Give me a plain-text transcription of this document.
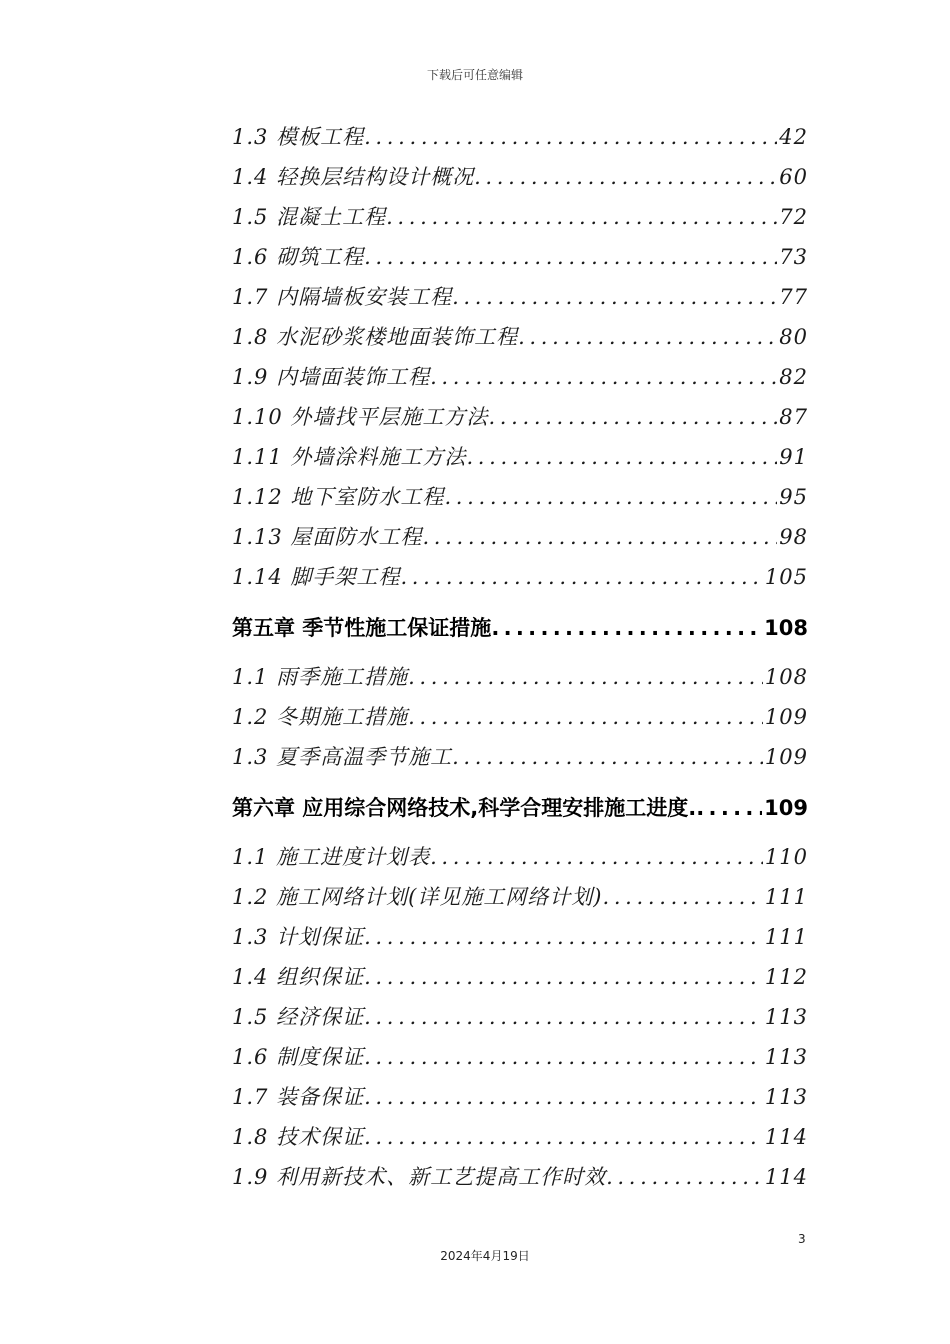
下载后可任意编辑
1.3 模板工程 . . .	42
1.4 轻换层结构设计概况 . . .	60
1.5 混凝土工程 . . .	72
1.6 砌筑工程 . . .	73
1.7 内隔墙板安装工程 . . .	77
1.8 水泥砂浆楼地面装饰工程 . . .	80
1.9 内墙面装饰工程 . . .	82
1.10 外墙找平层施工方法 . . .	87
1.11 外墙涂料施工方法 . . .	91
1.12 地下室防水工程 . . .	95
1.13 屋面防水工程 . . .	98
1.14 脚手架工程 . . .	105
第五章 季节性施工保证措施 . . .	108
1.1 雨季施工措施 . . .	108
1.2 冬期施工措施 . . .	109
1.3 夏季高温季节施工 . . .	109
第六章 应用综合网络技术,科学合理安排施工进度. . . .	109
1.1 施工进度计划表 . . .	110
1.2 施工网络计划(详见施工网络计划) . . .	111
1.3 计划保证 . . .	111
1.4 组织保证 . . .	112
1.5 经济保证 . . .	113
1.6 制度保证 . . .	113
1.7 装备保证 . . .	113
1.8 技术保证 . . .	114
1.9 利用新技术、新工艺提高工作时效 . . .	114
3
2024年4月19日
